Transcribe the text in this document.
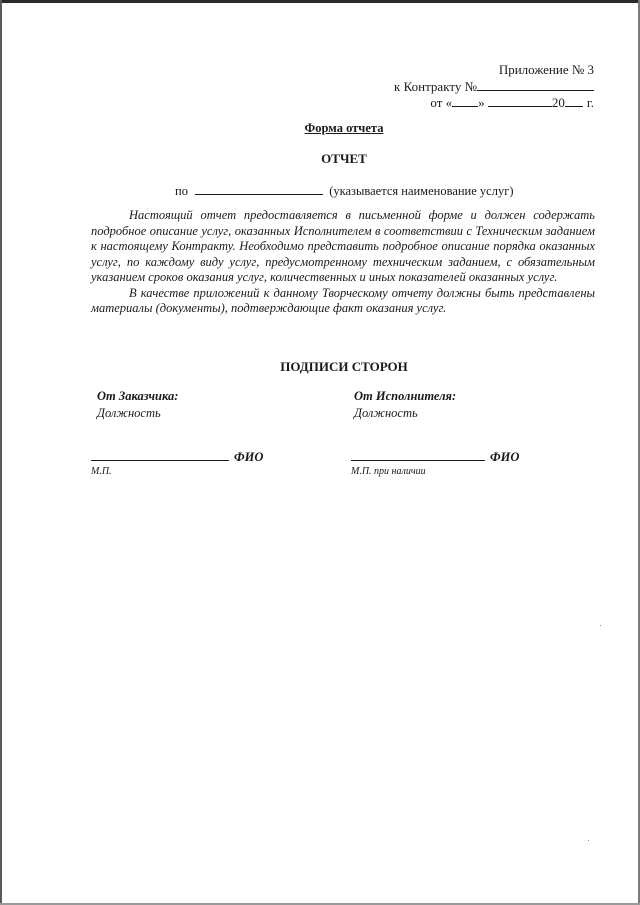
Приложение № 3
к Контракту №
от « »	20 г.
Форма отчета
ОТЧЕТ
по	(указывается наименование услуг)

Настоящий отчет предоставляется в письменной форме и должен содержать подробное описание услуг, оказанных Исполнителем в соответствии с Техническим заданием к настоящему Контракту. Необходимо представить подробное описание порядка оказанных услуг, по каждому виду услуг, предусмотренному техническим заданием, с обязательным указанием сроков оказания услуг, количественных и иных показателей оказанных услуг.

В качестве приложений к данному Творческому отчету должны быть представлены материалы (документы), подтверждающие факт оказания услуг.

ПОДПИСИ СТОРОН
От Заказчика:
Должность
От Исполнителя:
Должность
ФИО
М.П.
ФИО
М.П. при наличии
